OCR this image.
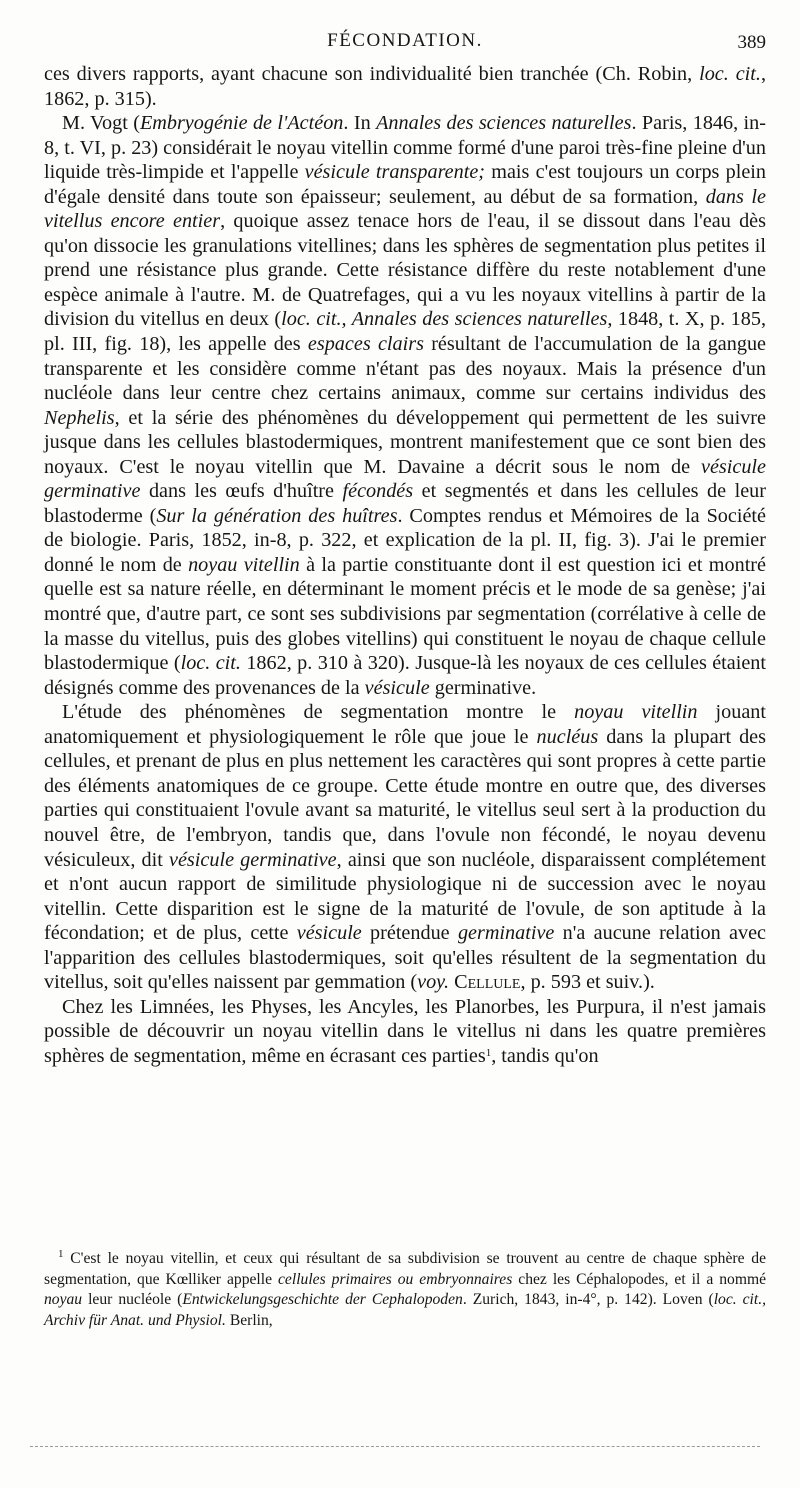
FÉCONDATION.	389

ces divers rapports, ayant chacune son individualité bien tranchée (Ch. Robin, loc. cit., 1862, p. 315).

M. Vogt (Embryogénie de l'Actéon. In Annales des sciences naturelles. Paris, 1846, in-8, t. VI, p. 23) considérait le noyau vitellin comme formé d'une paroi très-fine pleine d'un liquide très-limpide et l'appelle vésicule transparente; mais c'est toujours un corps plein d'égale densité dans toute son épaisseur; seulement, au début de sa formation, dans le vitellus encore entier, quoique assez tenace hors de l'eau, il se dissout dans l'eau dès qu'on dissocie les granulations vitellines; dans les sphères de segmentation plus petites il prend une résistance plus grande. Cette résistance diffère du reste notablement d'une espèce animale à l'autre. M. de Quatrefages, qui a vu les noyaux vitellins à partir de la division du vitellus en deux (loc. cit., Annales des sciences naturelles, 1848, t. X, p. 185, pl. III, fig. 18), les appelle des espaces clairs résultant de l'accumulation de la gangue transparente et les considère comme n'étant pas des noyaux. Mais la présence d'un nucléole dans leur centre chez certains animaux, comme sur certains individus des Nephelis, et la série des phénomènes du développement qui permettent de les suivre jusque dans les cellules blastodermiques, montrent manifestement que ce sont bien des noyaux. C'est le noyau vitellin que M. Davaine a décrit sous le nom de vésicule germinative dans les œufs d'huître fécondés et segmentés et dans les cellules de leur blastoderme (Sur la génération des huîtres. Comptes rendus et Mémoires de la Société de biologie. Paris, 1852, in-8, p. 322, et explication de la pl. II, fig. 3). J'ai le premier donné le nom de noyau vitellin à la partie constituante dont il est question ici et montré quelle est sa nature réelle, en déterminant le moment précis et le mode de sa genèse; j'ai montré que, d'autre part, ce sont ses subdivisions par segmentation (corrélative à celle de la masse du vitellus, puis des globes vitellins) qui constituent le noyau de chaque cellule blastodermique (loc. cit. 1862, p. 310 à 320). Jusque-là les noyaux de ces cellules étaient désignés comme des provenances de la vésicule germinative.

L'étude des phénomènes de segmentation montre le noyau vitellin jouant anatomiquement et physiologiquement le rôle que joue le nucléus dans la plupart des cellules, et prenant de plus en plus nettement les caractères qui sont propres à cette partie des éléments anatomiques de ce groupe. Cette étude montre en outre que, des diverses parties qui constituaient l'ovule avant sa maturité, le vitellus seul sert à la production du nouvel être, de l'embryon, tandis que, dans l'ovule non fécondé, le noyau devenu vésiculeux, dit vésicule germinative, ainsi que son nucléole, disparaissent complétement et n'ont aucun rapport de similitude physiologique ni de succession avec le noyau vitellin. Cette disparition est le signe de la maturité de l'ovule, de son aptitude à la fécondation; et de plus, cette vésicule prétendue germinative n'a aucune relation avec l'apparition des cellules blastodermiques, soit qu'elles résultent de la segmentation du vitellus, soit qu'elles naissent par gemmation (voy. Cellule, p. 593 et suiv.).

Chez les Limnées, les Physes, les Ancyles, les Planorbes, les Purpura, il n'est jamais possible de découvrir un noyau vitellin dans le vitellus ni dans les quatre premières sphères de segmentation, même en écrasant ces parties$^1$, tandis qu'on

$^1$ C'est le noyau vitellin, et ceux qui résultant de sa subdivision se trouvent au centre de chaque sphère de segmentation, que Kœlliker appelle cellules primaires ou embryonnaires chez les Céphalopodes, et il a nommé noyau leur nucléole (Entwickelungsgeschichte der Cephalopoden. Zurich, 1843, in-4°, p. 142). Loven (loc. cit., Archiv für Anat. und Physiol. Berlin,
